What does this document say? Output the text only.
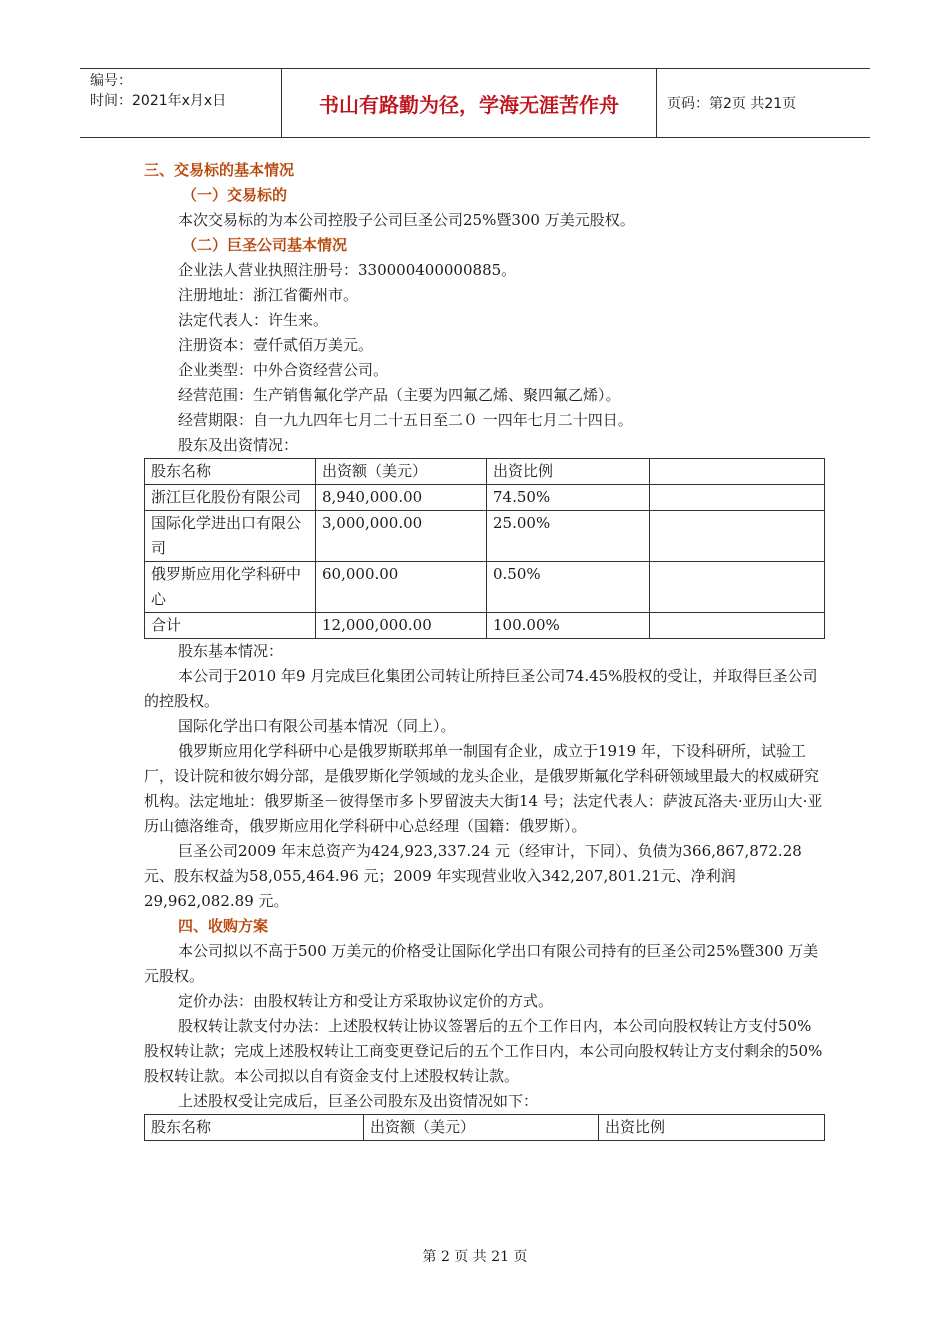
编号：
时间：2021年x月x日	书山有路勤为径，学海无涯苦作舟	页码：第2页 共21页
三、交易标的基本情况
（一）交易标的

本次交易标的为本公司控股子公司巨圣公司25%暨300 万美元股权。

（二）巨圣公司基本情况

企业法人营业执照注册号：330000400000885。

注册地址：浙江省衢州市。

法定代表人：许生来。

注册资本：壹仟贰佰万美元。

企业类型：中外合资经营公司。

经营范围：生产销售氟化学产品（主要为四氟乙烯、聚四氟乙烯）。

经营期限：自一九九四年七月二十五日至二０ 一四年七月二十四日。

股东及出资情况：

股东名称	出资额（美元）	出资比例	
浙江巨化股份有限公司	8,940,000.00	74.50%	
国际化学进出口有限公司	3,000,000.00	25.00%	
俄罗斯应用化学科研中心	60,000.00	0.50%	
合计	12,000,000.00	100.00%	

股东基本情况：

本公司于2010 年9 月完成巨化集团公司转让所持巨圣公司74.45%股权的受让，并取得巨圣公司的控股权。

国际化学出口有限公司基本情况（同上）。

俄罗斯应用化学科研中心是俄罗斯联邦单一制国有企业，成立于1919 年，下设科研所，试验工厂，设计院和彼尔姆分部，是俄罗斯化学领域的龙头企业，是俄罗斯氟化学科研领域里最大的权威研究机构。法定地址：俄罗斯圣－彼得堡市多卜罗留波夫大街14 号；法定代表人：萨波瓦洛夫·亚历山大·亚历山德洛维奇，俄罗斯应用化学科研中心总经理（国籍：俄罗斯）。

巨圣公司2009 年末总资产为424,923,337.24 元（经审计，下同）、负债为366,867,872.28 元、股东权益为58,055,464.96 元；2009 年实现营业收入342,207,801.21元、净利润29,962,082.89 元。

四、收购方案

本公司拟以不高于500 万美元的价格受让国际化学出口有限公司持有的巨圣公司25%暨300 万美元股权。

定价办法：由股权转让方和受让方采取协议定价的方式。

股权转让款支付办法：上述股权转让协议签署后的五个工作日内，本公司向股权转让方支付50%股权转让款；完成上述股权转让工商变更登记后的五个工作日内，本公司向股权转让方支付剩余的50%股权转让款。本公司拟以自有资金支付上述股权转让款。

上述股权受让完成后，巨圣公司股东及出资情况如下：

股东名称	出资额（美元）	出资比例
第 2 页 共 21 页
